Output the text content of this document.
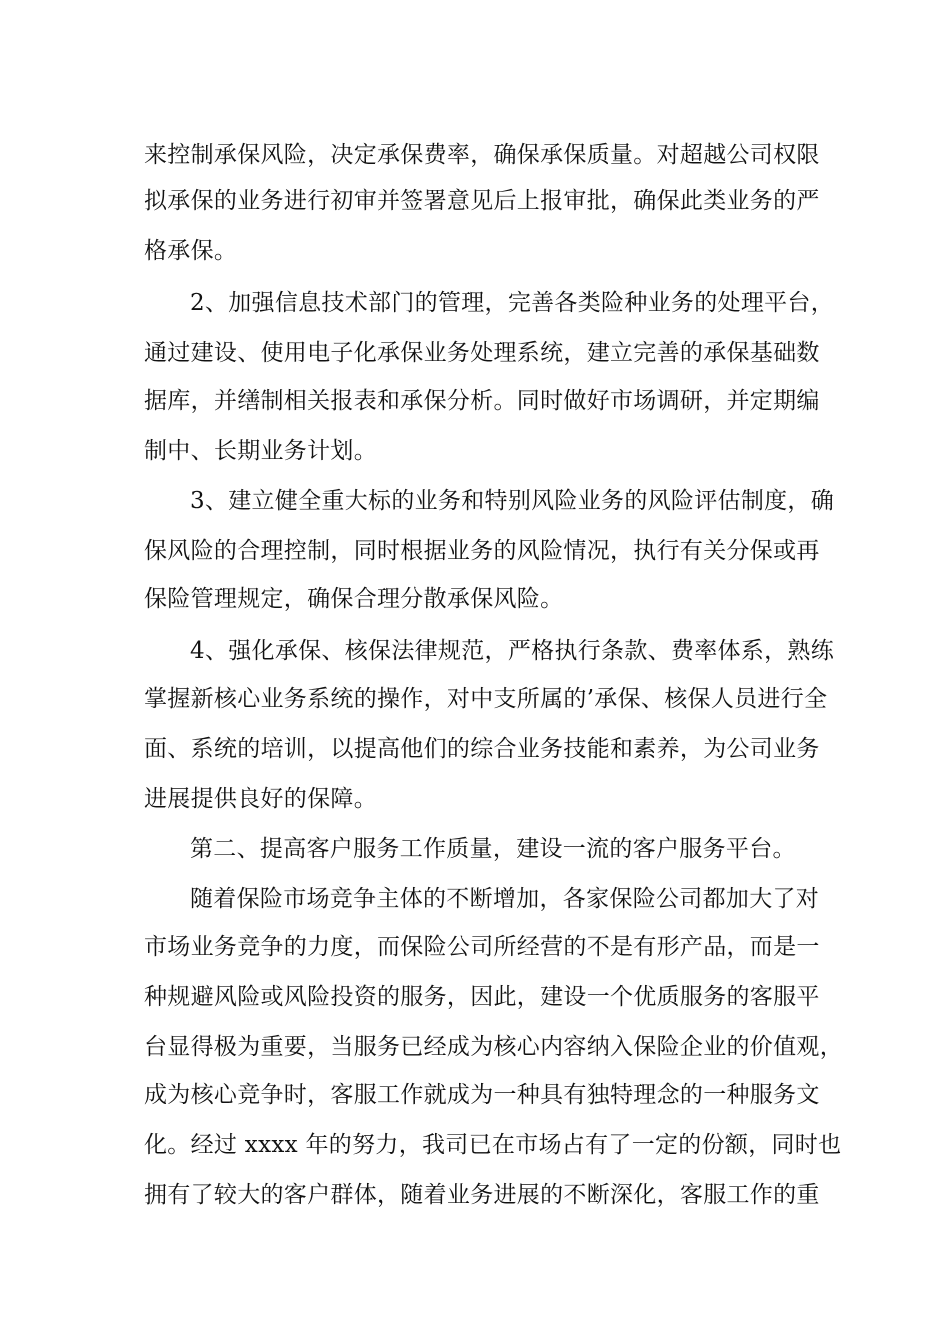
来控制承保风险，决定承保费率，确保承保质量。对超越公司权限

拟承保的业务进行初审并签署意见后上报审批，确保此类业务的严

格承保。

2、加强信息技术部门的管理，完善各类险种业务的处理平台，

通过建设、使用电子化承保业务处理系统，建立完善的承保基础数

据库，并缮制相关报表和承保分析。同时做好市场调研，并定期编

制中、长期业务计划。

3、建立健全重大标的业务和特别风险业务的风险评估制度，确

保风险的合理控制，同时根据业务的风险情况，执行有关分保或再

保险管理规定，确保合理分散承保风险。

4、强化承保、核保法律规范，严格执行条款、费率体系，熟练

掌握新核心业务系统的操作，对中支所属的’承保、核保人员进行全

面、系统的培训，以提高他们的综合业务技能和素养，为公司业务

进展提供良好的保障。

第二、提高客户服务工作质量，建设一流的客户服务平台。

随着保险市场竞争主体的不断增加，各家保险公司都加大了对

市场业务竞争的力度，而保险公司所经营的不是有形产品，而是一

种规避风险或风险投资的服务，因此，建设一个优质服务的客服平

台显得极为重要，当服务已经成为核心内容纳入保险企业的价值观，

成为核心竞争时，客服工作就成为一种具有独特理念的一种服务文

化。经过 xxxx 年的努力，我司已在市场占有了一定的份额，同时也

拥有了较大的客户群体，随着业务进展的不断深化，客服工作的重
